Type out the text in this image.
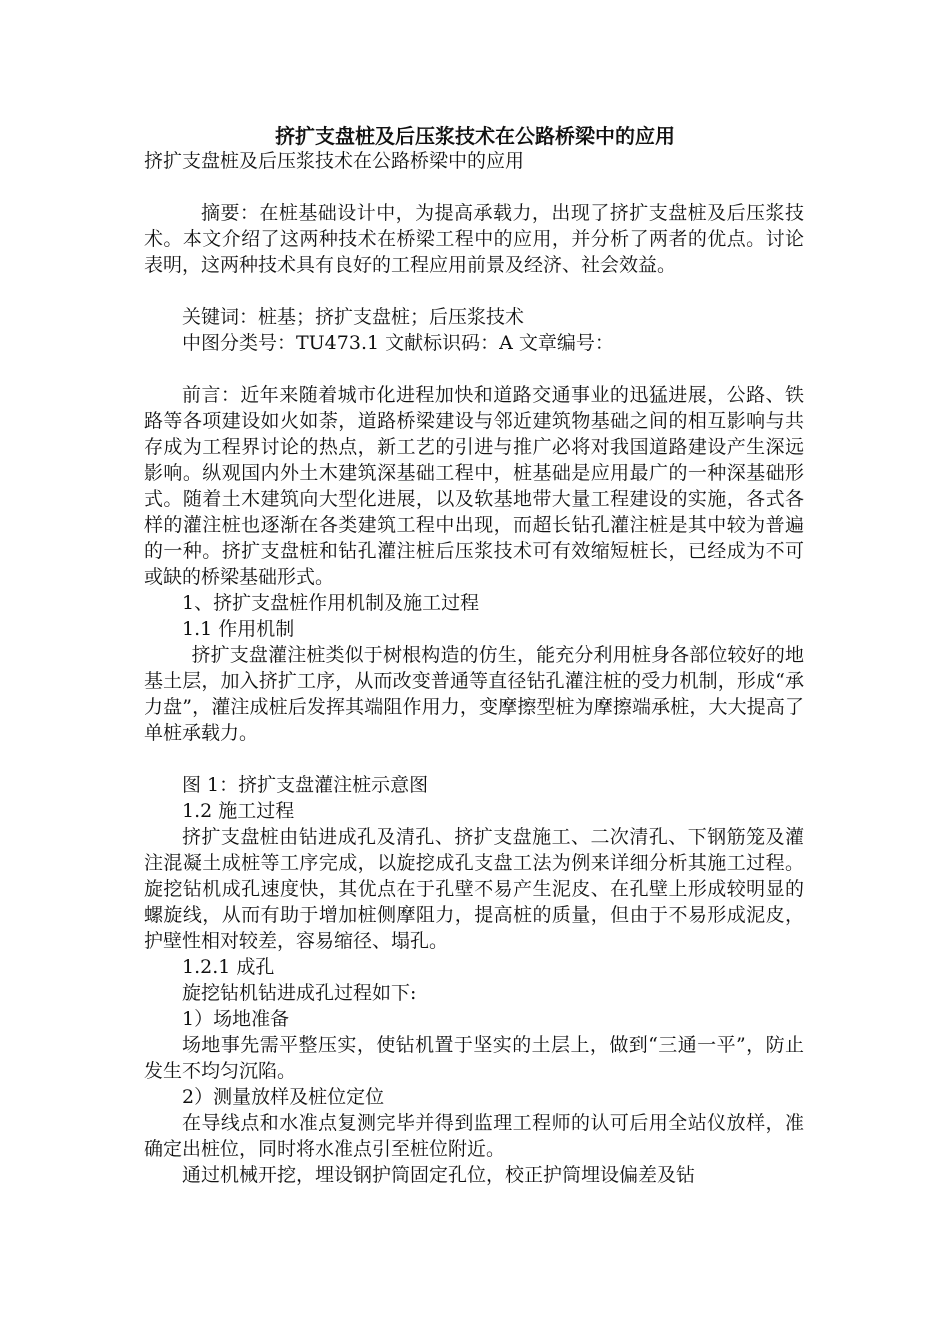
挤扩支盘桩及后压浆技术在公路桥梁中的应用

挤扩支盘桩及后压浆技术在公路桥梁中的应用

摘要：在桩基础设计中，为提高承载力，出现了挤扩支盘桩及后压浆技术。本文介绍了这两种技术在桥梁工程中的应用，并分析了两者的优点。讨论表明，这两种技术具有良好的工程应用前景及经济、社会效益。

关键词：桩基；挤扩支盘桩；后压浆技术

中图分类号：TU473.1 文献标识码：A 文章编号：

前言：近年来随着城市化进程加快和道路交通事业的迅猛进展，公路、铁路等各项建设如火如荼，道路桥梁建设与邻近建筑物基础之间的相互影响与共存成为工程界讨论的热点，新工艺的引进与推广必将对我国道路建设产生深远影响。纵观国内外土木建筑深基础工程中，桩基础是应用最广的一种深基础形式。随着土木建筑向大型化进展，以及软基地带大量工程建设的实施，各式各样的灌注桩也逐渐在各类建筑工程中出现，而超长钻孔灌注桩是其中较为普遍的一种。挤扩支盘桩和钻孔灌注桩后压浆技术可有效缩短桩长，已经成为不可或缺的桥梁基础形式。

1、挤扩支盘桩作用机制及施工过程

1.1 作用机制

挤扩支盘灌注桩类似于树根构造的仿生，能充分利用桩身各部位较好的地基土层，加入挤扩工序，从而改变普通等直径钻孔灌注桩的受力机制，形成“承力盘”，灌注成桩后发挥其端阻作用力，变摩擦型桩为摩擦端承桩，大大提高了单桩承载力。

图 1：挤扩支盘灌注桩示意图

1.2 施工过程

挤扩支盘桩由钻进成孔及清孔、挤扩支盘施工、二次清孔、下钢筋笼及灌注混凝土成桩等工序完成，以旋挖成孔支盘工法为例来详细分析其施工过程。旋挖钻机成孔速度快，其优点在于孔壁不易产生泥皮、在孔壁上形成较明显的螺旋线，从而有助于增加桩侧摩阻力，提高桩的质量，但由于不易形成泥皮，护壁性相对较差，容易缩径、塌孔。

1.2.1 成孔

旋挖钻机钻进成孔过程如下:

1）场地准备

场地事先需平整压实，使钻机置于坚实的土层上，做到“三通一平”，防止发生不均匀沉陷。

2）测量放样及桩位定位

在导线点和水准点复测完毕并得到监理工程师的认可后用全站仪放样，准确定出桩位，同时将水准点引至桩位附近。

通过机械开挖，埋设钢护筒固定孔位，校正护筒埋设偏差及钻
